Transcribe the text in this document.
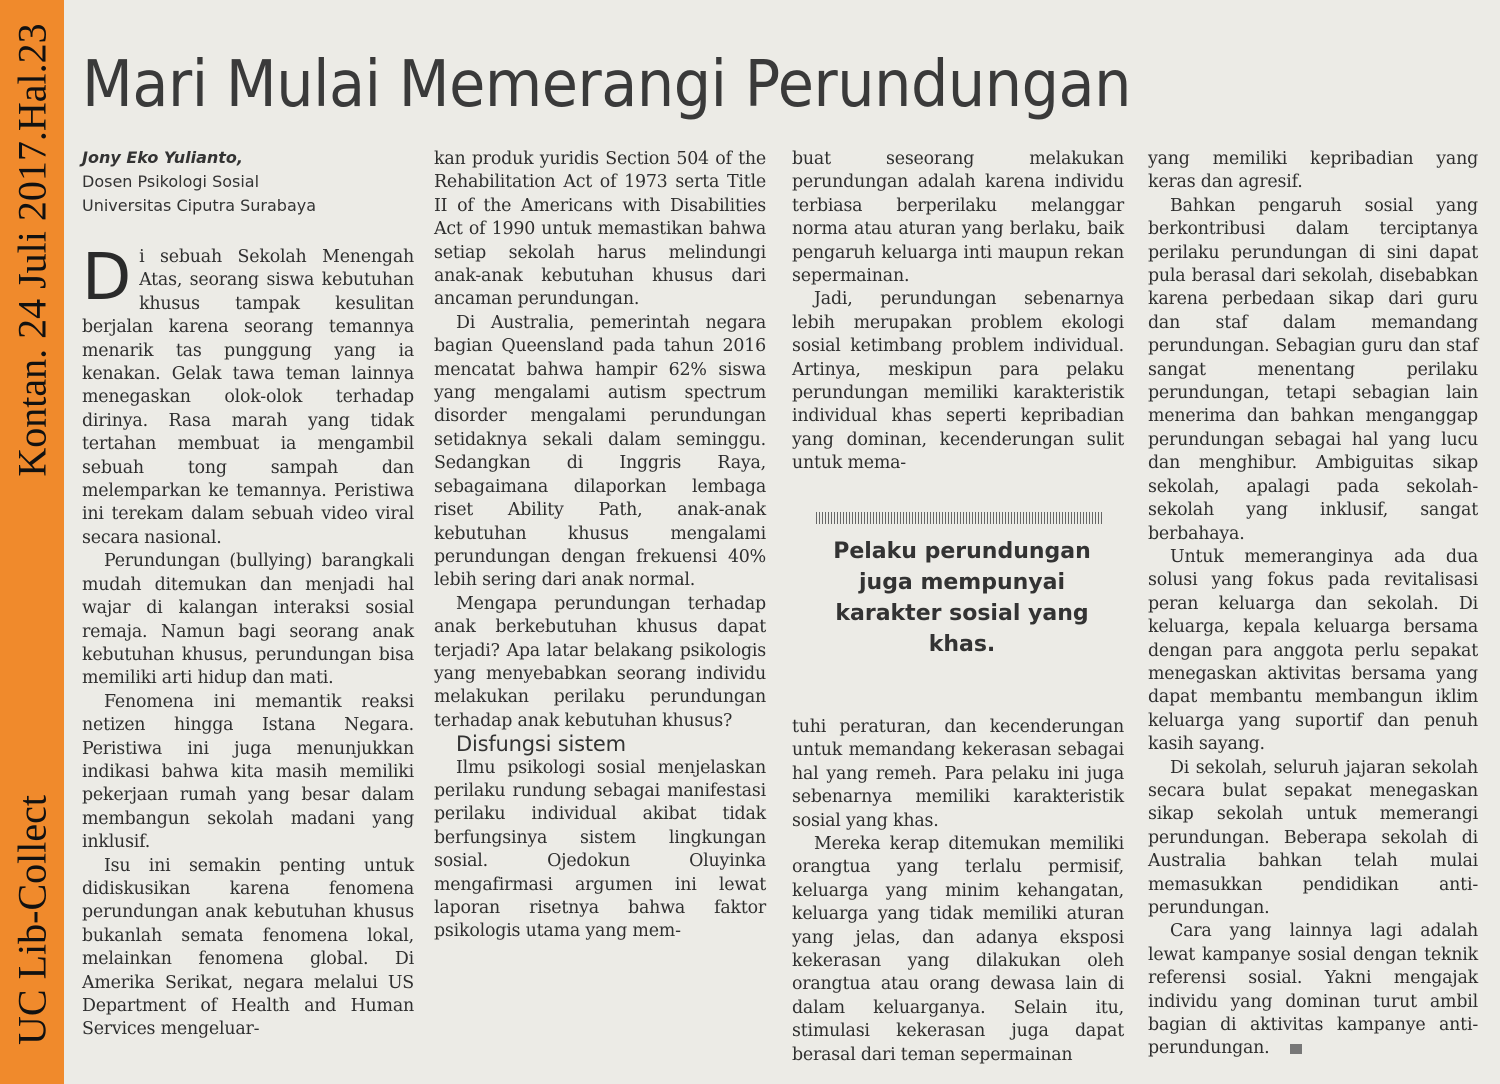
Kontan. 24 Juli 2017.Hal.23
UC Lib-Collect
Mari Mulai Memerangi Perundungan
Jony Eko Yulianto,
Dosen Psikologi Sosial
Universitas Ciputra Surabaya

Di sebuah Sekolah Menengah Atas, seorang siswa kebutuhan khusus tampak kesulitan berjalan karena seorang temannya menarik tas punggung yang ia kenakan. Gelak tawa teman lainnya menegaskan olok-olok terhadap dirinya. Rasa marah yang tidak tertahan membuat ia mengambil sebuah tong sampah dan melemparkan ke temannya. Peristiwa ini terekam dalam sebuah video viral secara nasional.

Perundungan (bullying) barangkali mudah ditemukan dan menjadi hal wajar di kalangan interaksi sosial remaja. Namun bagi seorang anak kebutuhan khusus, perundungan bisa memiliki arti hidup dan mati.

Fenomena ini memantik reaksi netizen hingga Istana Negara. Peristiwa ini juga menunjukkan indikasi bahwa kita masih memiliki pekerjaan rumah yang besar dalam membangun sekolah madani yang inklusif.

Isu ini semakin penting untuk didiskusikan karena fenomena perundungan anak kebutuhan khusus bukanlah semata fenomena lokal, melainkan fenomena global. Di Amerika Serikat, negara melalui US Department of Health and Human Services mengeluar-

kan produk yuridis Section 504 of the Rehabilitation Act of 1973 serta Title II of the Americans with Disabilities Act of 1990 untuk memastikan bahwa setiap sekolah harus melindungi anak-anak kebutuhan khusus dari ancaman perundungan.

Di Australia, pemerintah negara bagian Queensland pada tahun 2016 mencatat bahwa hampir 62% siswa yang mengalami autism spectrum disorder mengalami perundungan setidaknya sekali dalam seminggu. Sedangkan di Inggris Raya, sebagaimana dilaporkan lembaga riset Ability Path, anak-anak kebutuhan khusus mengalami perundungan dengan frekuensi 40% lebih sering dari anak normal.

Mengapa perundungan terhadap anak berkebutuhan khusus dapat terjadi? Apa latar belakang psikologis yang menyebabkan seorang individu melakukan perilaku perundungan terhadap anak kebutuhan khusus?

Disfungsi sistem

Ilmu psikologi sosial menjelaskan perilaku rundung sebagai manifestasi perilaku individual akibat tidak berfungsinya sistem lingkungan sosial. Ojedokun Oluyinka mengafirmasi argumen ini lewat laporan risetnya bahwa faktor psikologis utama yang mem-

buat seseorang melakukan perundungan adalah karena individu terbiasa berperilaku melanggar norma atau aturan yang berlaku, baik pengaruh keluarga inti maupun rekan sepermainan.

Jadi, perundungan sebenarnya lebih merupakan problem ekologi sosial ketimbang problem individual. Artinya, meskipun para pelaku perundungan memiliki karakteristik individual khas seperti kepribadian yang dominan, kecenderungan sulit untuk mema-

Pelaku perundungan juga mempunyai karakter sosial yang khas.

tuhi peraturan, dan kecenderungan untuk memandang kekerasan sebagai hal yang remeh. Para pelaku ini juga sebenarnya memiliki karakteristik sosial yang khas.

Mereka kerap ditemukan memiliki orangtua yang terlalu permisif, keluarga yang minim kehangatan, keluarga yang tidak memiliki aturan yang jelas, dan adanya eksposi kekerasan yang dilakukan oleh orangtua atau orang dewasa lain di dalam keluarganya. Selain itu, stimulasi kekerasan juga dapat berasal dari teman sepermainan

yang memiliki kepribadian yang keras dan agresif.

Bahkan pengaruh sosial yang berkontribusi dalam terciptanya perilaku perundungan di sini dapat pula berasal dari sekolah, disebabkan karena perbedaan sikap dari guru dan staf dalam memandang perundungan. Sebagian guru dan staf sangat menentang perilaku perundungan, tetapi sebagian lain menerima dan bahkan menganggap perundungan sebagai hal yang lucu dan menghibur. Ambiguitas sikap sekolah, apalagi pada sekolah-sekolah yang inklusif, sangat berbahaya.

Untuk memeranginya ada dua solusi yang fokus pada revitalisasi peran keluarga dan sekolah. Di keluarga, kepala keluarga bersama dengan para anggota perlu sepakat menegaskan aktivitas bersama yang dapat membantu membangun iklim keluarga yang suportif dan penuh kasih sayang.

Di sekolah, seluruh jajaran sekolah secara bulat sepakat menegaskan sikap sekolah untuk memerangi perundungan. Beberapa sekolah di Australia bahkan telah mulai memasukkan pendidikan anti-perundungan.

Cara yang lainnya lagi adalah lewat kampanye sosial dengan teknik referensi sosial. Yakni mengajak individu yang dominan turut ambil bagian di aktivitas kampanye anti-perundungan.
